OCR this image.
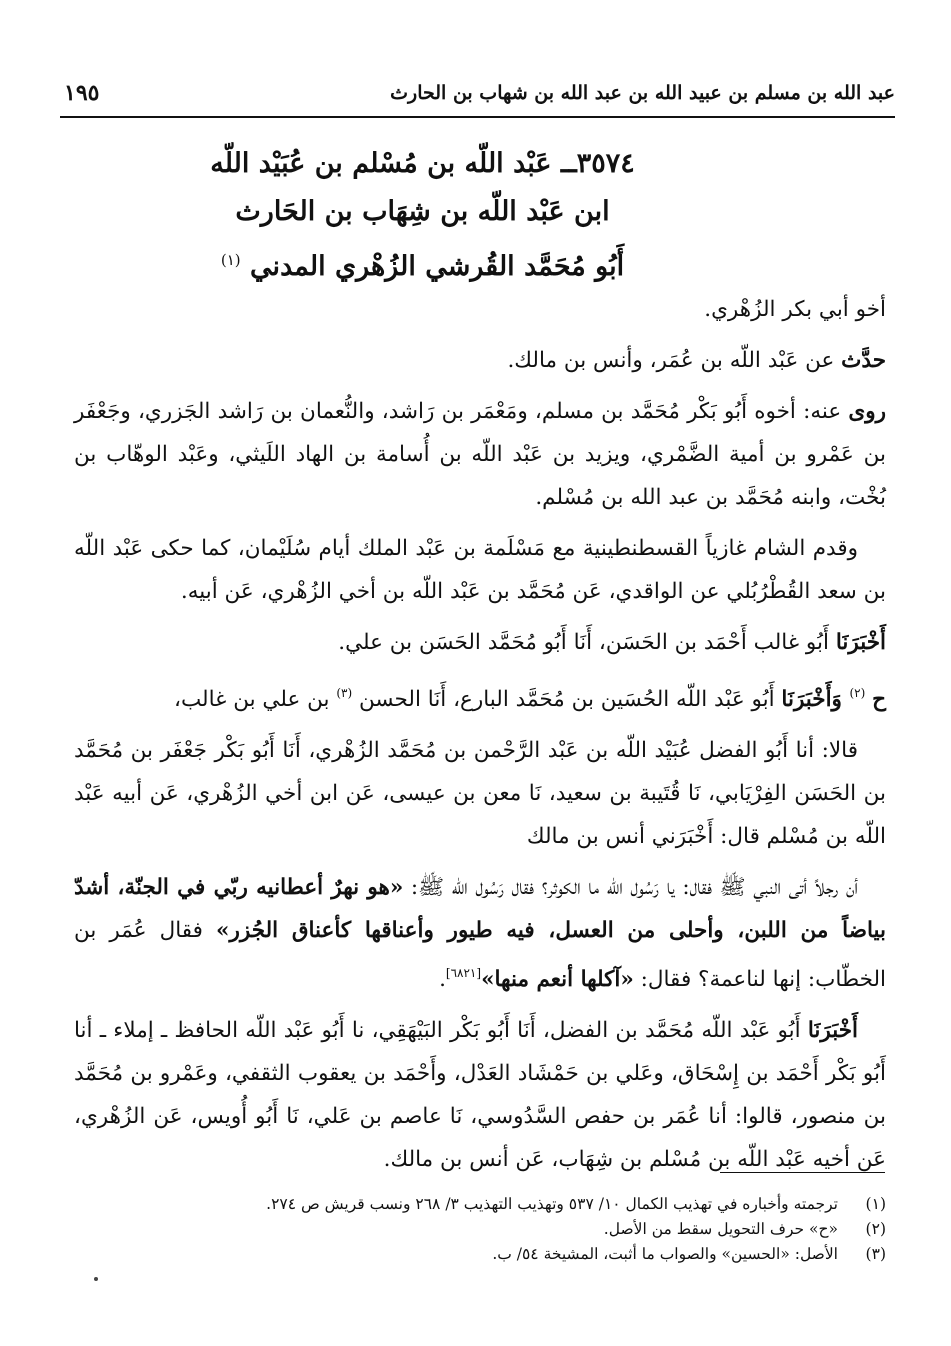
عبد الله بن مسلم بن عبيد الله بن عبد الله بن شهاب بن الحارث
١٩٥
٣٥٧٤ــ عَبْد اللّه بن مُسْلم بن عُبَيْد اللّه
ابن عَبْد اللّه بن شِهَاب بن الحَارث
أَبُو مُحَمَّد القُرشي الزُهْري المدني $^{(١)}$

أخو أبي بكر الزُهْري.

حدَّث عن عَبْد اللّه بن عُمَر، وأنس بن مالك.

روى عنه: أخوه أَبُو بَكْر مُحَمَّد بن مسلم، ومَعْمَر بن رَاشد، والنُّعمان بن رَاشد الجَزري، وجَعْفَر بن عَمْرو بن أمية الضَّمْري، ويزيد بن عَبْد اللّه بن أُسامة بن الهاد اللَيثي، وعَبْد الوهّاب بن بُخْت، وابنه مُحَمَّد بن عبد الله بن مُسْلم.

وقدم الشام غازياً القسطنطينية مع مَسْلَمة بن عَبْد الملك أيام سُلَيْمان، كما حكى عَبْد اللّه بن سعد القُطْرُبُلي عن الواقدي، عَن مُحَمَّد بن عَبْد اللّه بن أخي الزُهْري، عَن أبيه.

أَخْبَرَنَا أَبُو غالب أَحْمَد بن الحَسَن، أَنَا أَبُو مُحَمَّد الحَسَن بن علي.

ح $^{(٢)}$ وَأَخْبَرَنَا أَبُو عَبْد اللّه الحُسَين بن مُحَمَّد البارع، أَنَا الحسن $^{(٣)}$ بن علي بن غالب،

قالا: أنا أَبُو الفضل عُبَيْد اللّه بن عَبْد الرَّحْمن بن مُحَمَّد الزُهْري، أَنَا أَبُو بَكْر جَعْفَر بن مُحَمَّد بن الحَسَن الفِرْيَابي، نَا قُتَيبة بن سعيد، نَا معن بن عيسى، عَن ابن أخي الزُهْري، عَن أبيه عَبْد اللّه بن مُسْلم قال: أَخْبَرَني أنس بن مالك

أن رجلاً أتى النبي ﷺ فقال: يا رَسُول الله ما الكوثر؟ فقال رَسُول الله ﷺ: «هو نهرٌ أعطانيه ربّي في الجنّة، أشدّ بياضاً من اللبن، وأحلى من العسل، فيه طيور وأعناقها كأعناق الجُزر» فقال عُمَر بن الخطّاب: إنها لناعمة؟ فقال: «آكلها أنعم منها»[٦٨٢١].

أَخْبَرَنَا أَبُو عَبْد اللّه مُحَمَّد بن الفضل، أَنَا أَبُو بَكْر البَيْهَقِي، نا أَبُو عَبْد اللّه الحافظ ـ إملاء ـ أنا أَبُو بَكْر أَحْمَد بن إِسْحَاق، وعَلي بن حَمْشَاد العَدْل، وأَحْمَد بن يعقوب الثقفي، وعَمْرو بن مُحَمَّد بن منصور، قالوا: أنا عُمَر بن حفص السَّدُوسي، نَا عاصم بن عَلي، نَا أَبُو أُويس، عَن الزُهْري، عَن أخيه عَبْد اللّه بن مُسْلم بن شِهَاب، عَن أنس بن مالك.

(١)
ترجمته وأخباره في تهذيب الكمال ١٠/ ٥٣٧ وتهذيب التهذيب ٣/ ٢٦٨ ونسب قريش ص ٢٧٤.
(٢)
«ح» حرف التحويل سقط من الأصل.
(٣)
الأصل: «الحسين» والصواب ما أثبت، المشيخة ٥٤/ ب.
